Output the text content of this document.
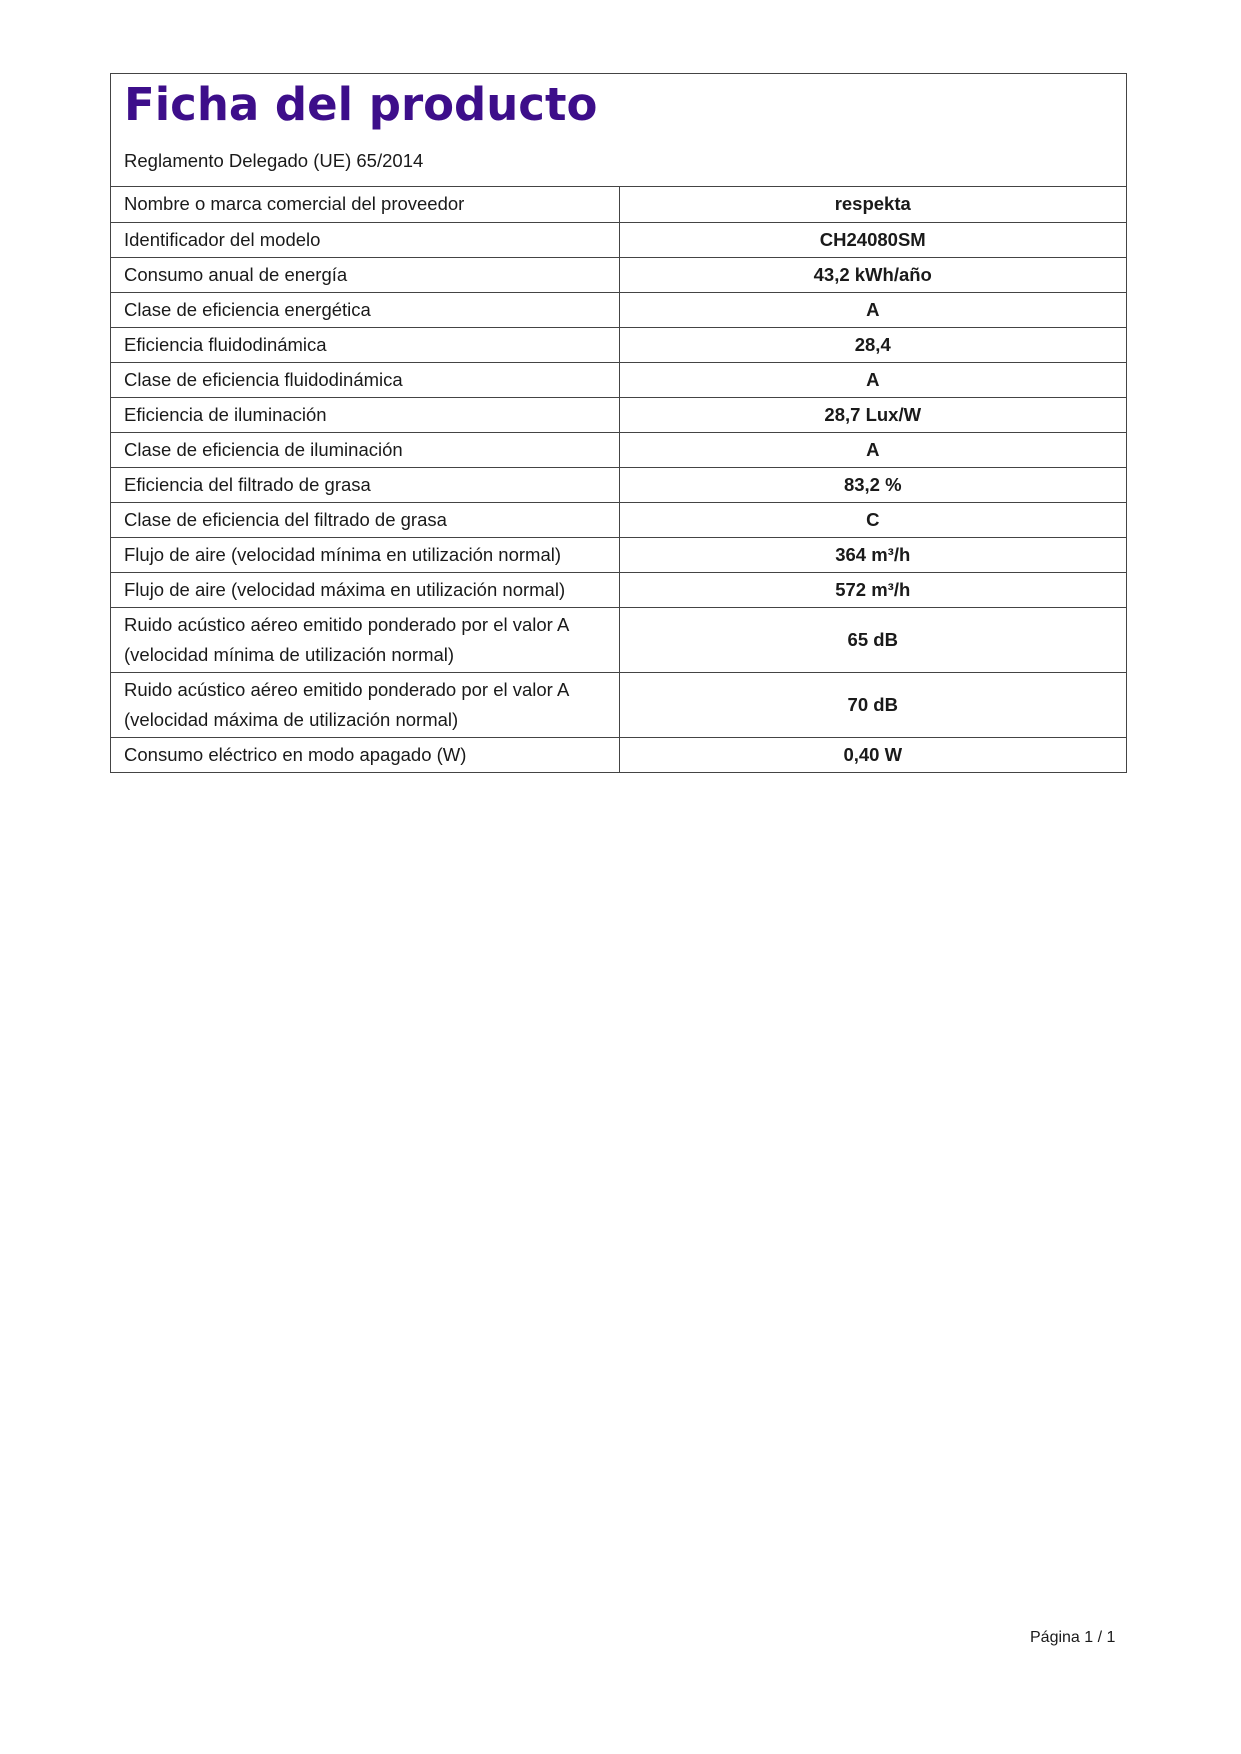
Ficha del producto
Reglamento Delegado (UE) 65/2014
Nombre o marca comercial del proveedor	respekta
Identificador del modelo	CH24080SM
Consumo anual de energía	43,2 kWh/año
Clase de eficiencia energética	A
Eficiencia fluidodinámica	28,4
Clase de eficiencia fluidodinámica	A
Eficiencia de iluminación	28,7 Lux/W
Clase de eficiencia de iluminación	A
Eficiencia del filtrado de grasa	83,2 %
Clase de eficiencia del filtrado de grasa	C
Flujo de aire (velocidad mínima en utilización normal)	364 m³/h
Flujo de aire (velocidad máxima en utilización normal)	572 m³/h

Ruido acústico aéreo emitido ponderado por el valor A
(velocidad mínima de utilización normal)	65 dB

Ruido acústico aéreo emitido ponderado por el valor A
(velocidad máxima de utilización normal)	70 dB
Consumo eléctrico en modo apagado (W)	0,40 W
Página 1 / 1
